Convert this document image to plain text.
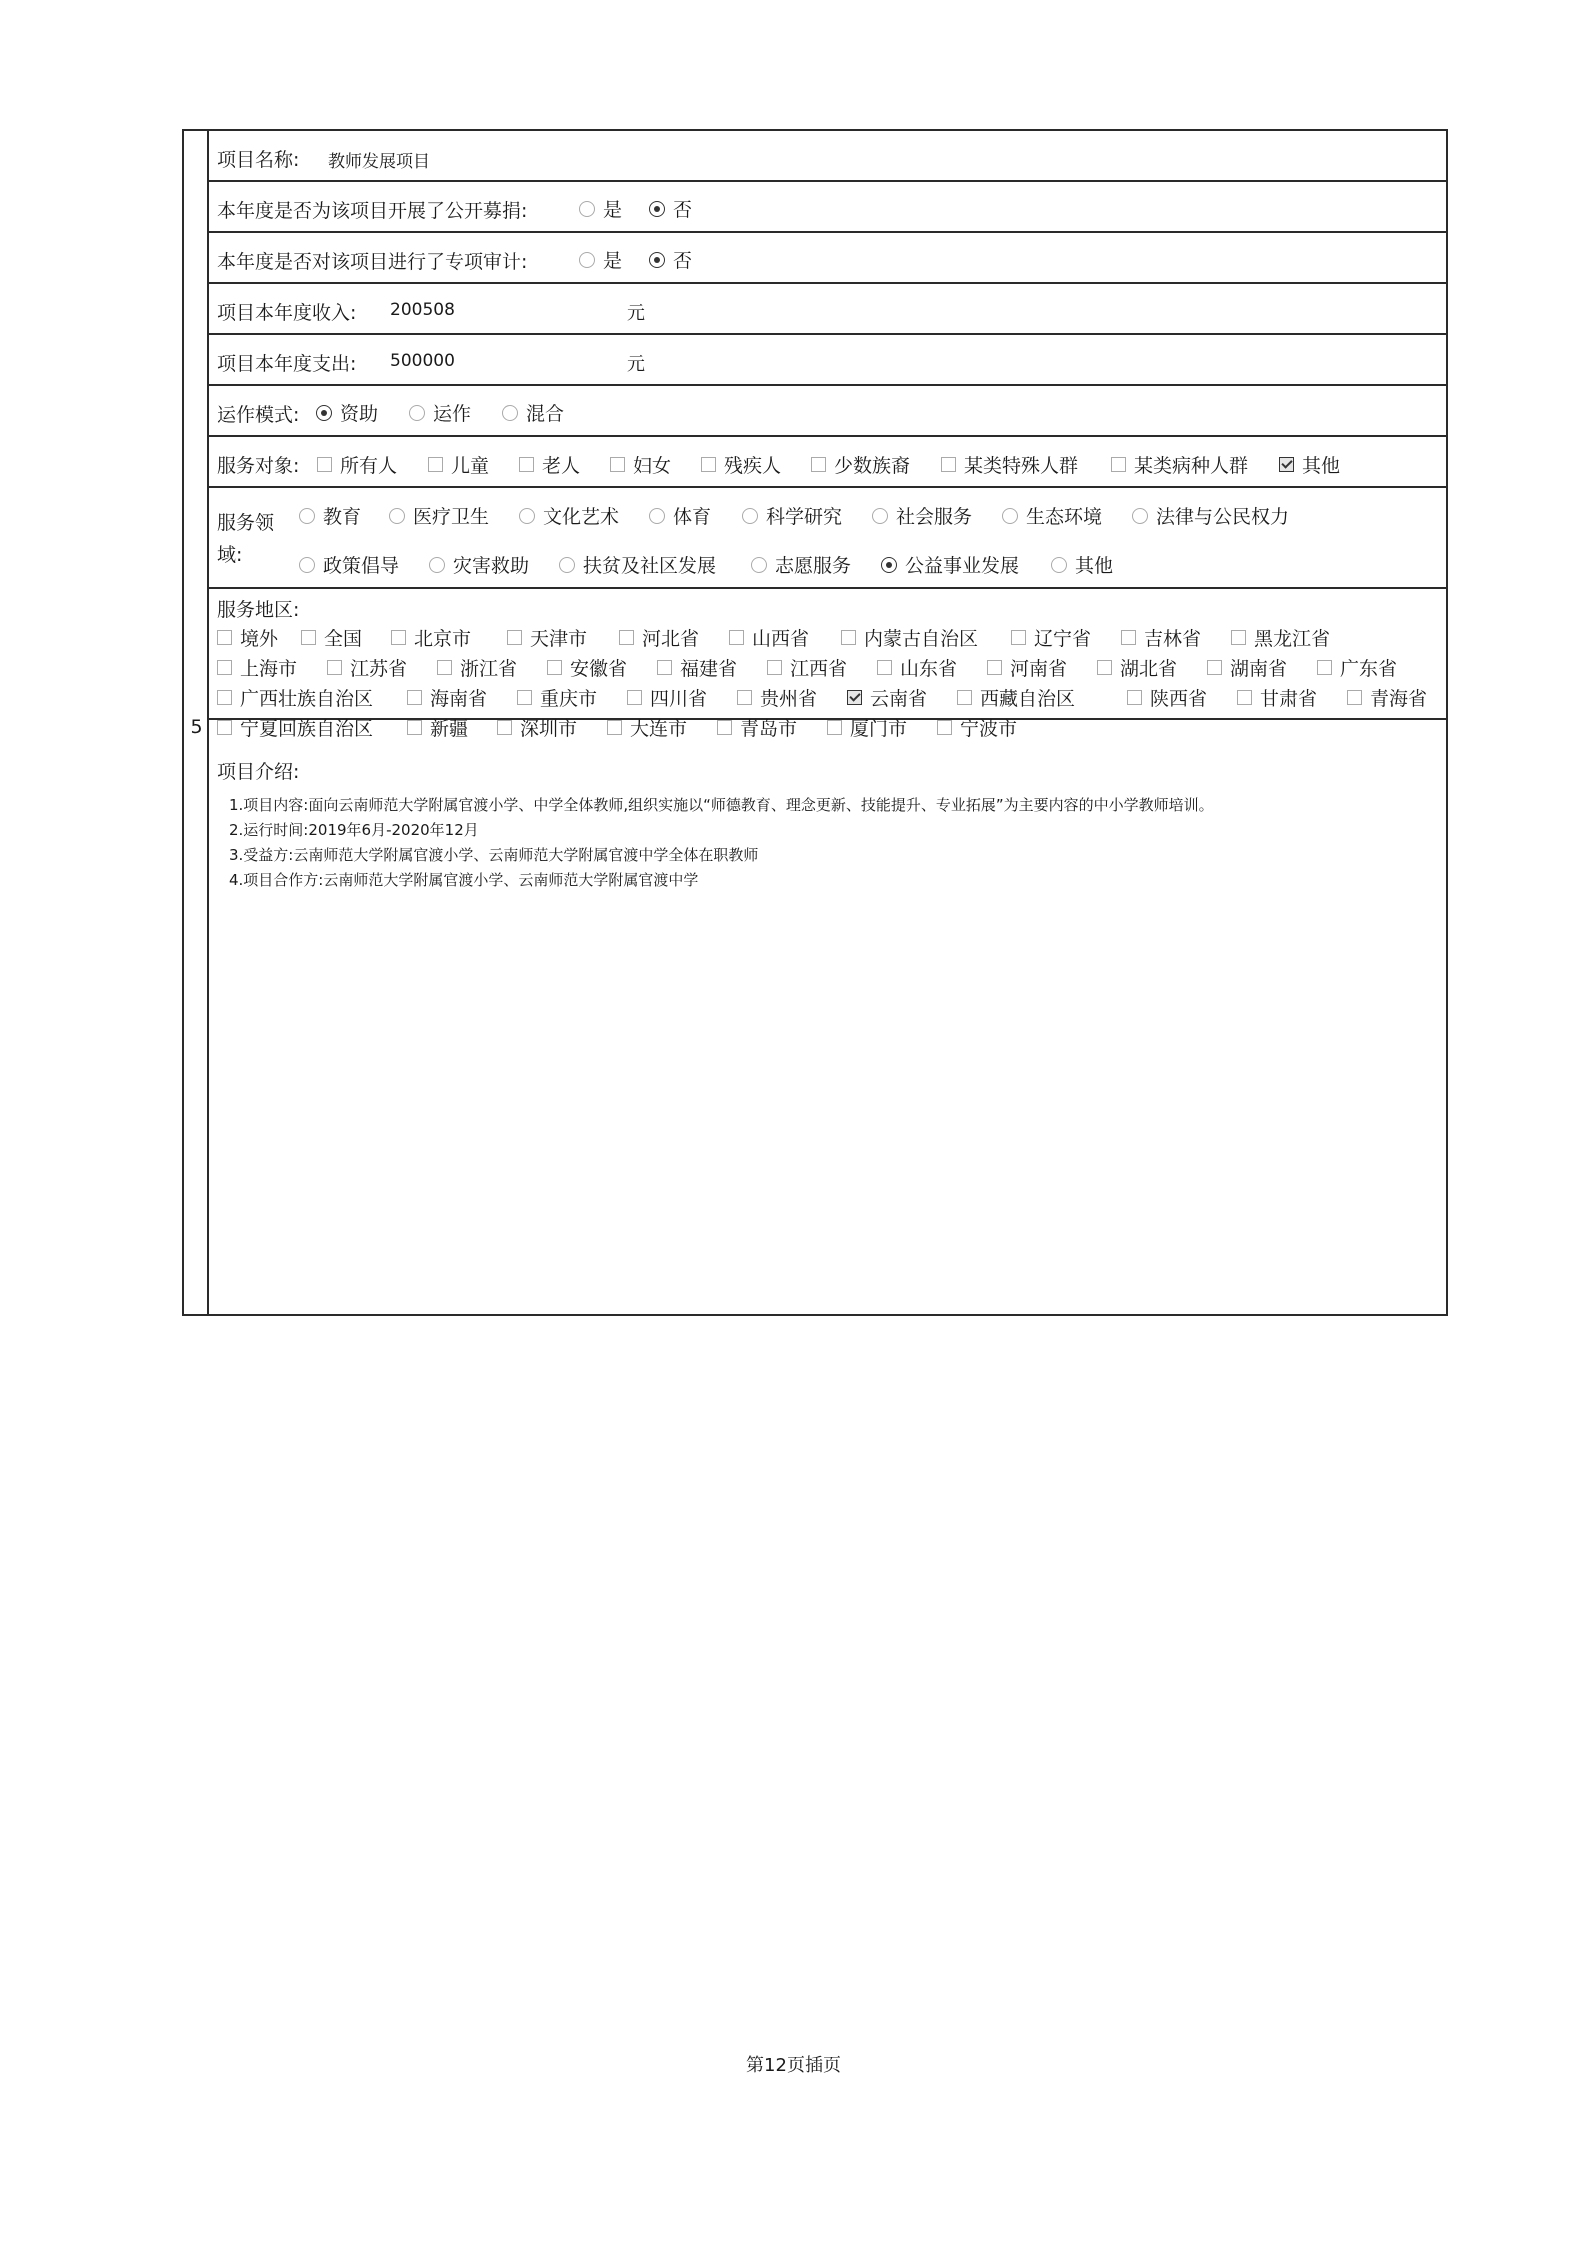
5
项目名称: 教师发展项目
本年度是否为该项目开展了公开募捐:	是	否
本年度是否对该项目进行了专项审计:	是	否
项目本年度收入: 200508	元
项目本年度支出: 500000	元
运作模式: 资助	运作	混合
服务对象: 所有人	儿童	老人	妇女	残疾人	少数族裔	某类特殊人群	某类病种人群	其他
服务领
域:
教育	医疗卫生	文化艺术	体育	科学研究	社会服务	生态环境	法律与公民权力
政策倡导	灾害救助	扶贫及社区发展	志愿服务	公益事业发展	其他
服务地区:
境外 全国	北京市	天津市	河北省	山西省	内蒙古自治区	辽宁省	吉林省	黑龙江省
上海市	江苏省	浙江省	安徽省	福建省	江西省	山东省	河南省	湖北省	湖南省	广东省
广西壮族自治区	海南省	重庆市	四川省	贵州省	云南省	西藏自治区	陕西省	甘肃省	青海省
宁夏回族自治区	新疆	深圳市	大连市	青岛市	厦门市	宁波市
项目介绍:
1.项目内容:面向云南师范大学附属官渡小学、中学全体教师,组织实施以“师德教育、理念更新、技能提升、专业拓展”为主要内容的中小学教师培训。
2.运行时间:2019年6月-2020年12月
3.受益方:云南师范大学附属官渡小学、云南师范大学附属官渡中学全体在职教师
4.项目合作方:云南师范大学附属官渡小学、云南师范大学附属官渡中学
第12页插页
